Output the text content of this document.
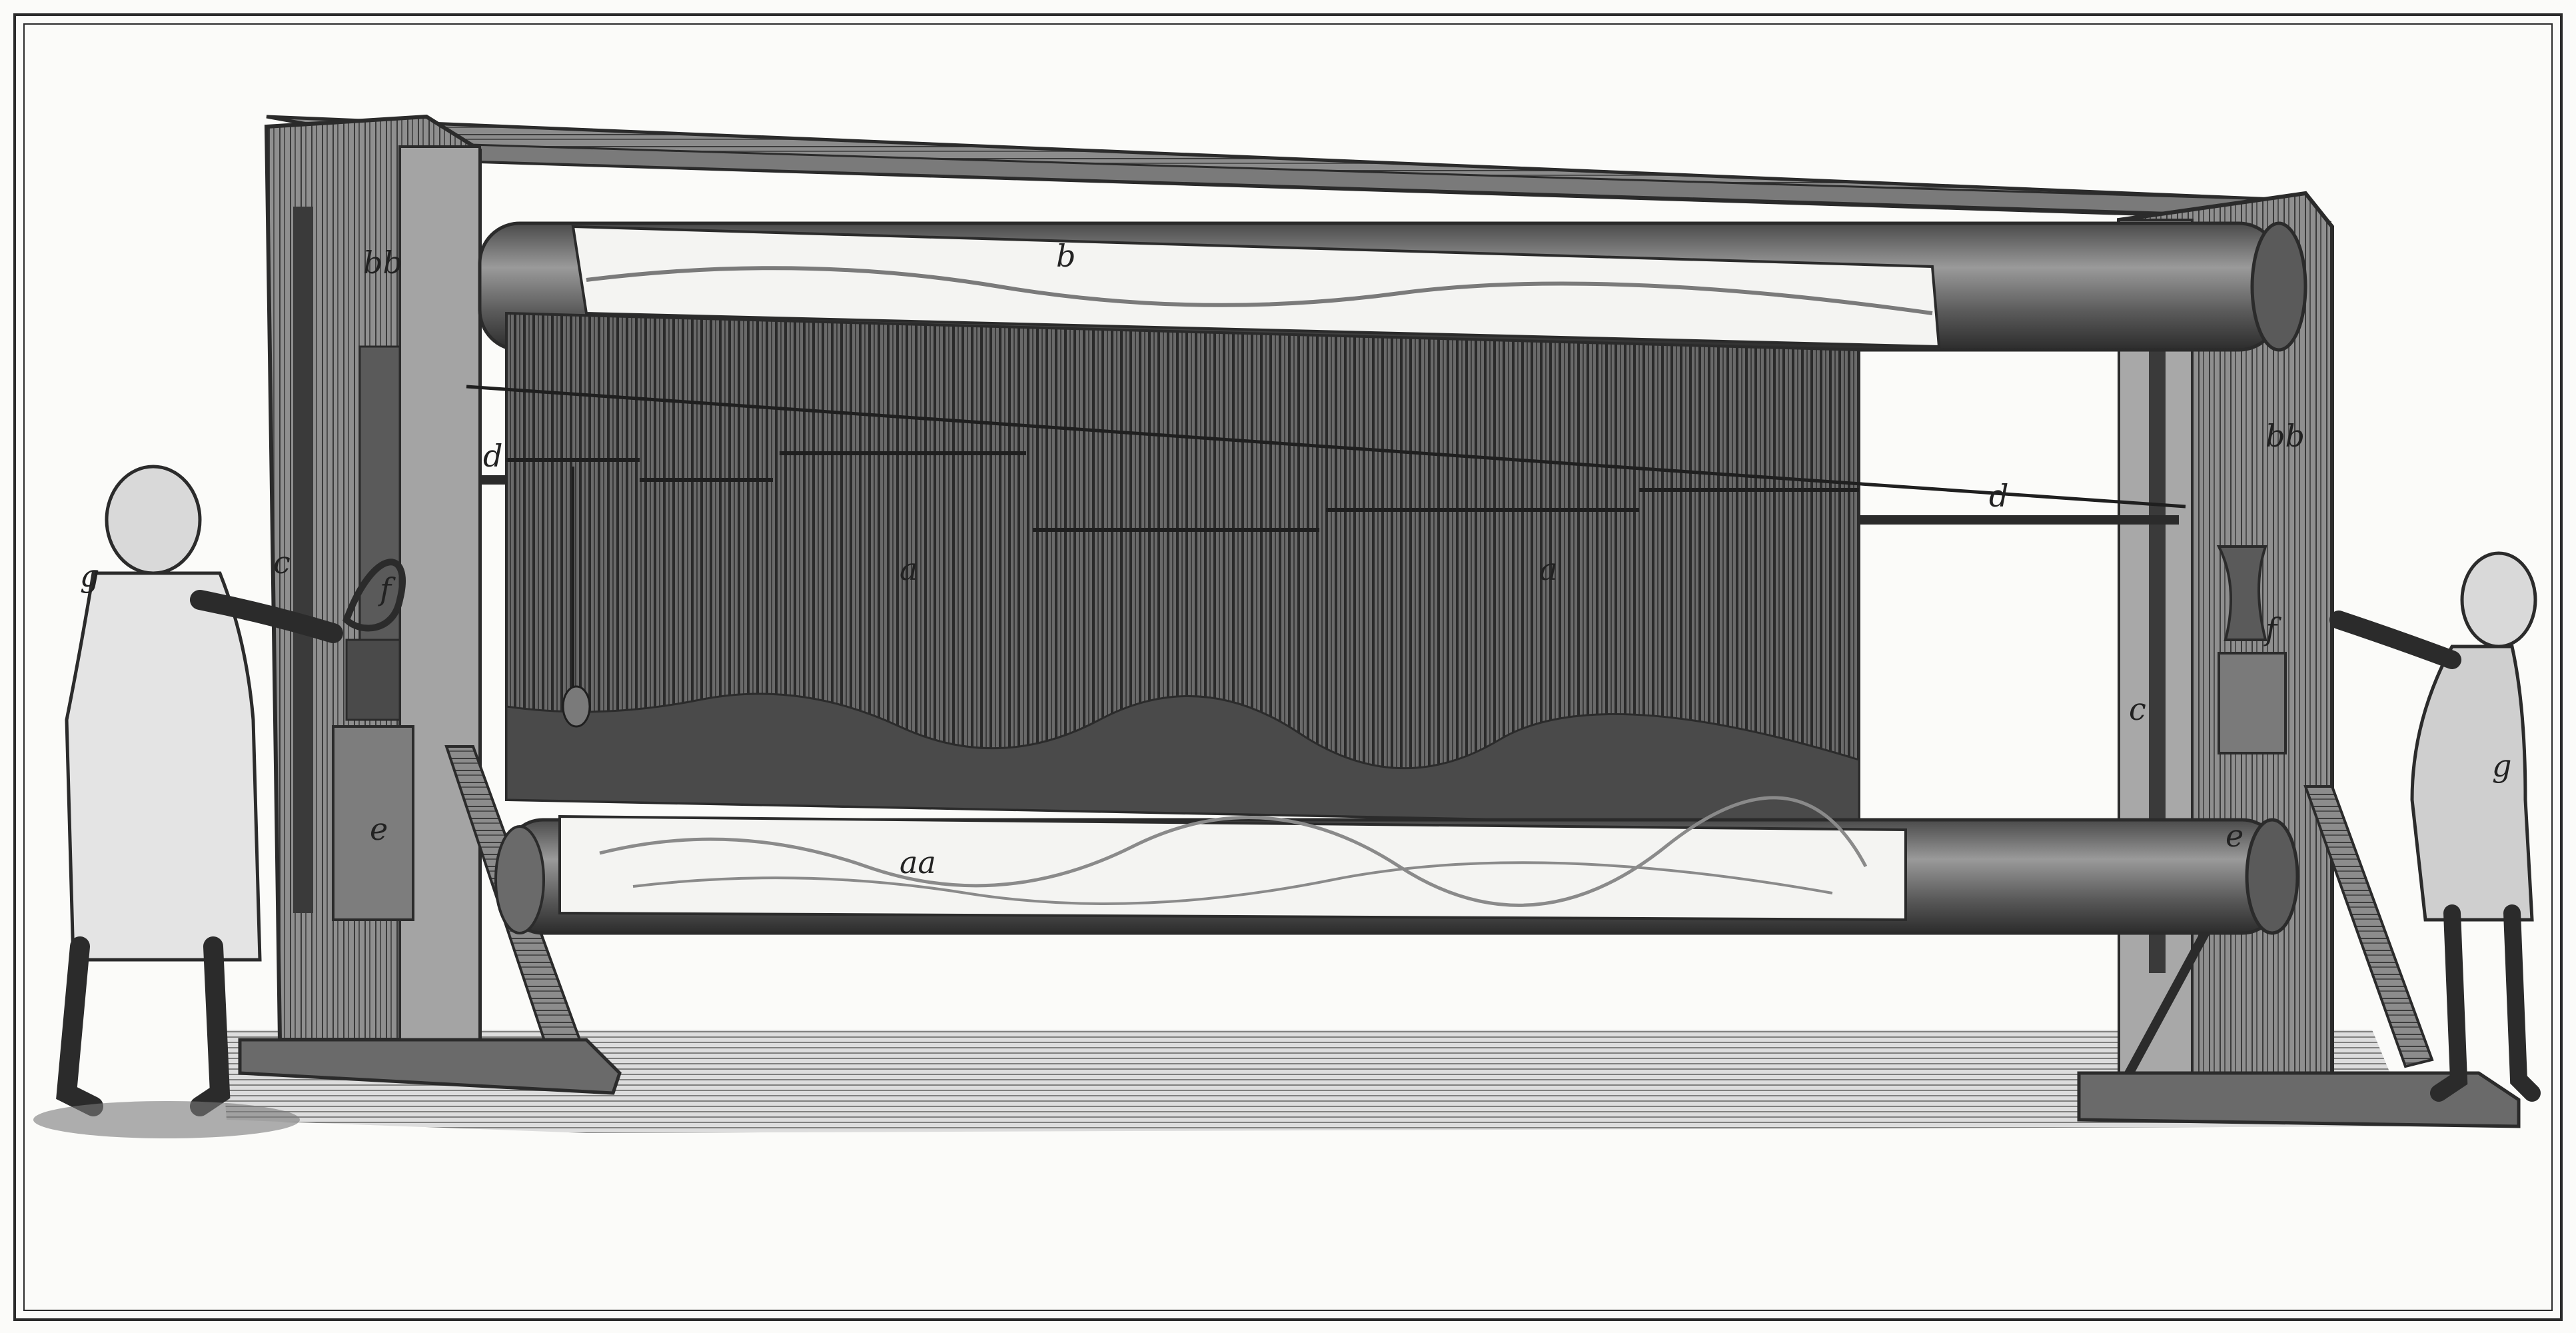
a	a
b
aa
bb
bb
c
c
d
d
e	e
f
f
g
g
